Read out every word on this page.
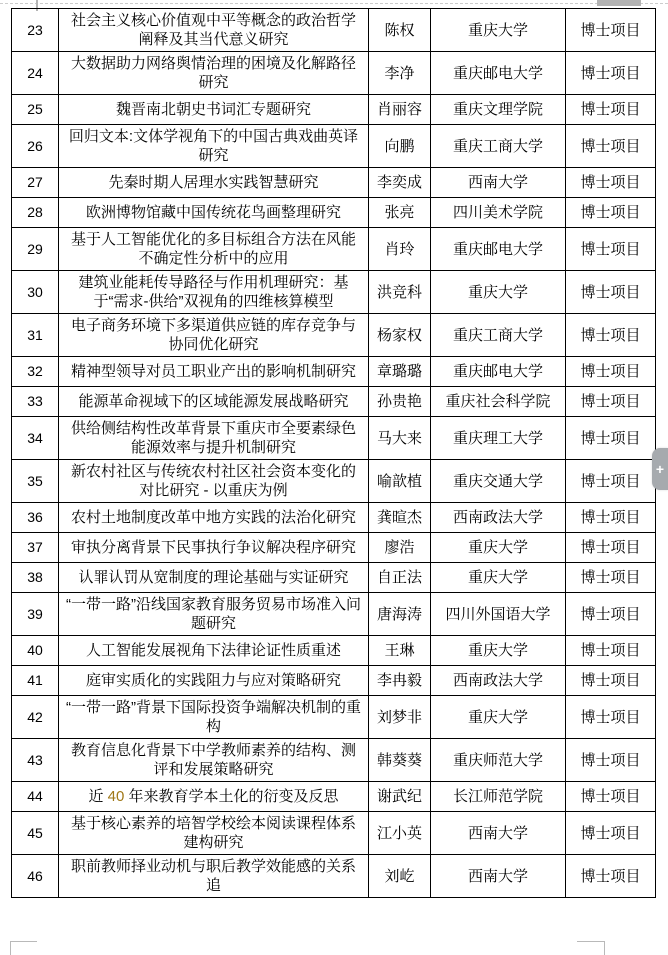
23	社会主义核心价值观中平等概念的政治哲学阐释及其当代意义研究	陈权	重庆大学	博士项目
24	大数据助力网络舆情治理的困境及化解路径研究	李净	重庆邮电大学	博士项目
25	魏晋南北朝史书词汇专题研究	肖丽容	重庆文理学院	博士项目
26	回归文本:文体学视角下的中国古典戏曲英译研究	向鹏	重庆工商大学	博士项目
27	先秦时期人居理水实践智慧研究	李奕成	西南大学	博士项目
28	欧洲博物馆藏中国传统花鸟画整理研究	张亮	四川美术学院	博士项目
29	基于人工智能优化的多目标组合方法在风能不确定性分析中的应用	肖玲	重庆邮电大学	博士项目
30	建筑业能耗传导路径与作用机理研究：基于“需求-供给”双视角的四维核算模型	洪竞科	重庆大学	博士项目
31	电子商务环境下多渠道供应链的库存竞争与协同优化研究	杨家权	重庆工商大学	博士项目
32	精神型领导对员工职业产出的影响机制研究	章璐璐	重庆邮电大学	博士项目
33	能源革命视域下的区域能源发展战略研究	孙贵艳	重庆社会科学院	博士项目
34	供给侧结构性改革背景下重庆市全要素绿色能源效率与提升机制研究	马大来	重庆理工大学	博士项目
35	新农村社区与传统农村社区社会资本变化的对比研究 - 以重庆为例	喻歆植	重庆交通大学	博士项目
36	农村土地制度改革中地方实践的法治化研究	龚暄杰	西南政法大学	博士项目
37	审执分离背景下民事执行争议解决程序研究	廖浩	重庆大学	博士项目
38	认罪认罚从宽制度的理论基础与实证研究	自正法	重庆大学	博士项目
39	“一带一路”沿线国家教育服务贸易市场准入问题研究	唐海涛	四川外国语大学	博士项目
40	人工智能发展视角下法律论证性质重述	王琳	重庆大学	博士项目
41	庭审实质化的实践阻力与应对策略研究	李冉毅	西南政法大学	博士项目
42	“一带一路”背景下国际投资争端解决机制的重构	刘梦非	重庆大学	博士项目
43	教育信息化背景下中学教师素养的结构、测评和发展策略研究	韩葵葵	重庆师范大学	博士项目
44	近 40 年来教育学本土化的衍变及反思	谢武纪	长江师范学院	博士项目
45	基于核心素养的培智学校绘本阅读课程体系建构研究	江小英	西南大学	博士项目
46	职前教师择业动机与职后教学效能感的关系追	刘屹	西南大学	博士项目
+
